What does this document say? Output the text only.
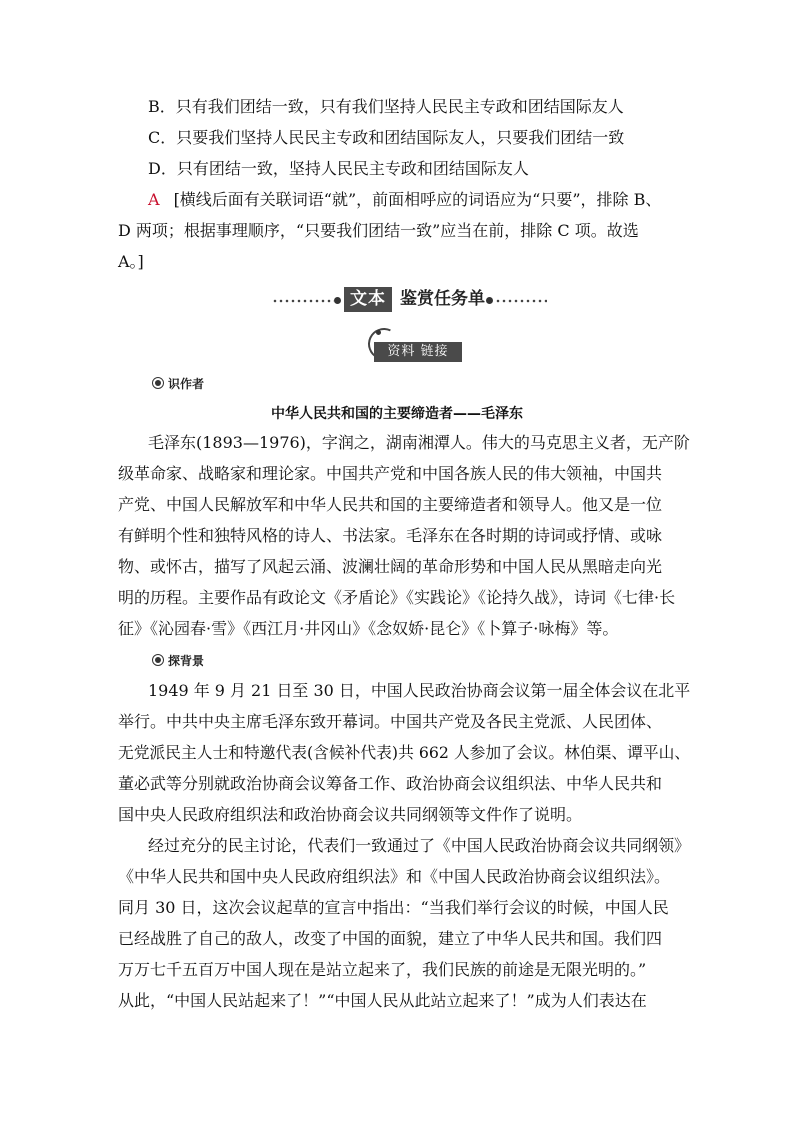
B．只有我们团结一致，只有我们坚持人民民主专政和团结国际友人
C．只要我们坚持人民民主专政和团结国际友人，只要我们团结一致
D．只有团结一致，坚持人民民主专政和团结国际友人
A [横线后面有关联词语“就”，前面相呼应的词语应为“只要”，排除 B、
D 两项；根据事理顺序，“只要我们团结一致”应当在前，排除 C 项。故选
A。]
文本 鉴赏任务单
资料 链接
识作者
中华人民共和国的主要缔造者——毛泽东
毛泽东(1893—1976)，字润之，湖南湘潭人。伟大的马克思主义者，无产阶
级革命家、战略家和理论家。中国共产党和中国各族人民的伟大领袖，中国共
产党、中国人民解放军和中华人民共和国的主要缔造者和领导人。他又是一位
有鲜明个性和独特风格的诗人、书法家。毛泽东在各时期的诗词或抒情、或咏
物、或怀古，描写了风起云涌、波澜壮阔的革命形势和中国人民从黑暗走向光
明的历程。主要作品有政论文《矛盾论》《实践论》《论持久战》，诗词《七律·长
征》《沁园春·雪》《西江月·井冈山》《念奴娇·昆仑》《卜算子·咏梅》等。
探背景
1949 年 9 月 21 日至 30 日，中国人民政治协商会议第一届全体会议在北平
举行。中共中央主席毛泽东致开幕词。中国共产党及各民主党派、人民团体、
无党派民主人士和特邀代表(含候补代表)共 662 人参加了会议。林伯渠、谭平山、
董必武等分别就政治协商会议筹备工作、政治协商会议组织法、中华人民共和
国中央人民政府组织法和政治协商会议共同纲领等文件作了说明。
经过充分的民主讨论，代表们一致通过了《中国人民政治协商会议共同纲领》
《中华人民共和国中央人民政府组织法》和《中国人民政治协商会议组织法》。
同月 30 日，这次会议起草的宣言中指出：“当我们举行会议的时候，中国人民
已经战胜了自己的敌人，改变了中国的面貌，建立了中华人民共和国。我们四
万万七千五百万中国人现在是站立起来了，我们民族的前途是无限光明的。”
从此，“中国人民站起来了！”“中国人民从此站立起来了！”成为人们表达在
